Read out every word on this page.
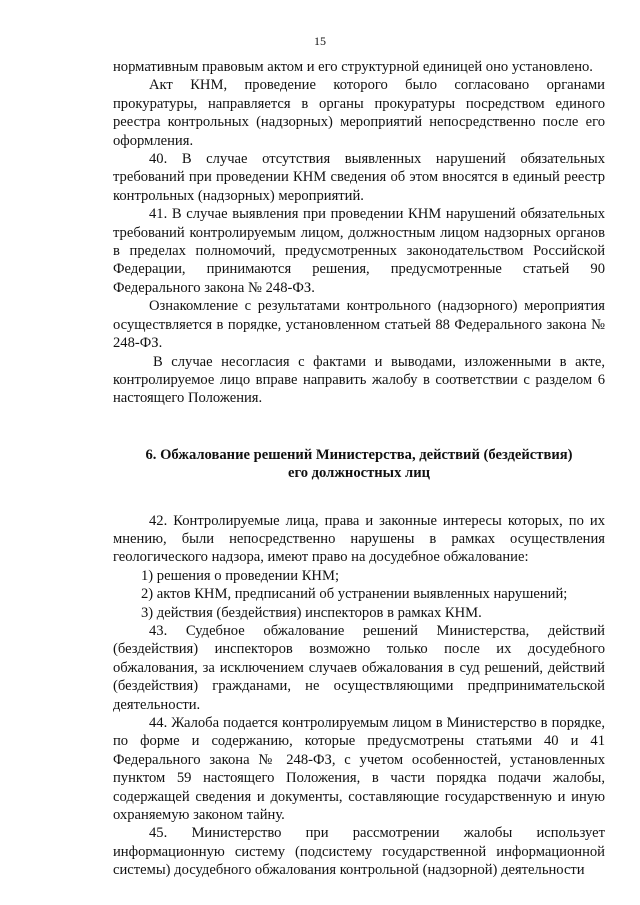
15

нормативным правовым актом и его структурной единицей оно установлено.

Акт КНМ, проведение которого было согласовано органами прокуратуры, направляется в органы прокуратуры посредством единого реестра контрольных (надзорных) мероприятий непосредственно после его оформления.

40. В случае отсутствия выявленных нарушений обязательных требований при проведении КНМ сведения об этом вносятся в единый реестр контрольных (надзорных) мероприятий.

41. В случае выявления при проведении КНМ нарушений обязательных требований контролируемым лицом, должностным лицом надзорных органов в пределах полномочий, предусмотренных законодательством Российской Федерации, принимаются решения, предусмотренные статьей 90 Федерального закона № 248-ФЗ.

Ознакомление с результатами контрольного (надзорного) мероприятия осуществляется в порядке, установленном статьей 88 Федерального закона № 248-ФЗ.

В случае несогласия с фактами и выводами, изложенными в акте, контролируемое лицо вправе направить жалобу в соответствии с разделом 6 настоящего Положения.

6. Обжалование решений Министерства, действий (бездействия)

его должностных лиц

42. Контролируемые лица, права и законные интересы которых, по их мнению, были непосредственно нарушены в рамках осуществления геологического надзора, имеют право на досудебное обжалование:

1) решения о проведении КНМ;

2) актов КНМ, предписаний об устранении выявленных нарушений;

3) действия (бездействия) инспекторов в рамках КНМ.

43. Судебное обжалование решений Министерства, действий (бездействия) инспекторов возможно только после их досудебного обжалования, за исключением случаев обжалования в суд решений, действий (бездействия) гражданами, не осуществляющими предпринимательской деятельности.

44. Жалоба подается контролируемым лицом в Министерство в порядке, по форме и содержанию, которые предусмотрены статьями 40 и 41 Федерального закона № 248-ФЗ, с учетом особенностей, установленных пунктом 59 настоящего Положения, в части порядка подачи жалобы, содержащей сведения и документы, составляющие государственную и иную охраняемую законом тайну.

45. Министерство при рассмотрении жалобы использует информационную систему (подсистему государственной информационной системы) досудебного обжалования контрольной (надзорной) деятельности
